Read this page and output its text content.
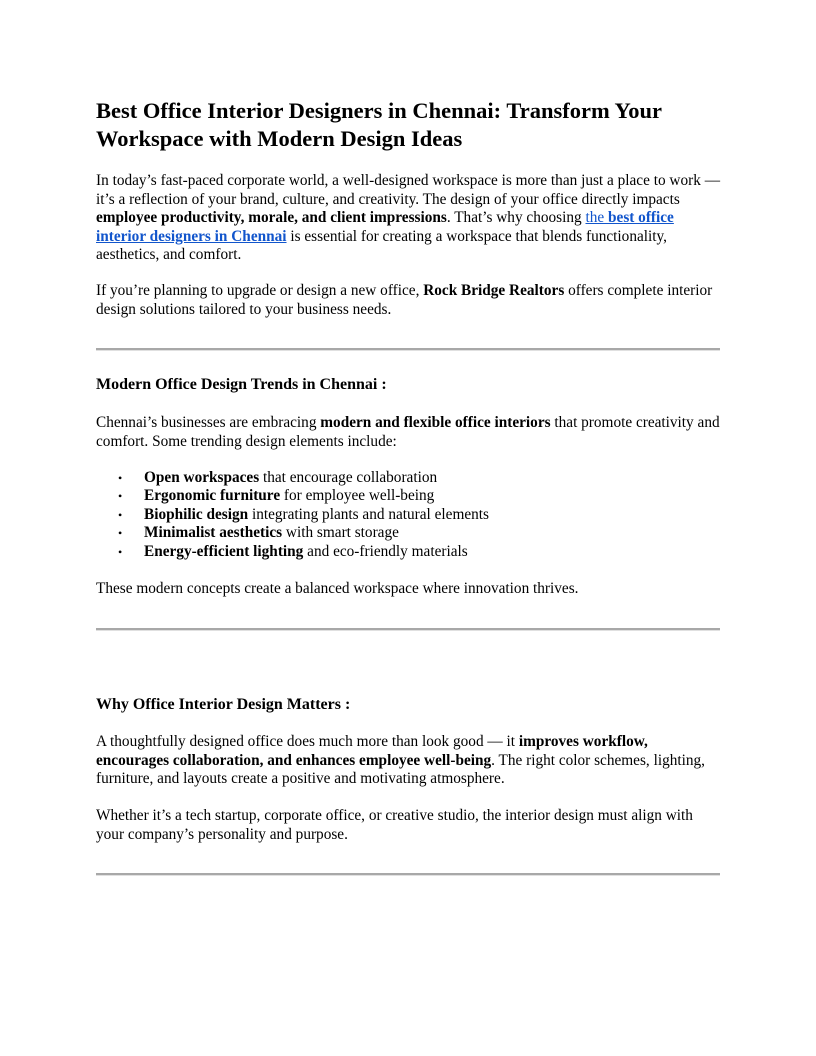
Best Office Interior Designers in Chennai: Transform Your Workspace with Modern Design Ideas

In today’s fast-paced corporate world, a well-designed workspace is more than just a place to work — it’s a reflection of your brand, culture, and creativity. The design of your office directly impacts employee productivity, morale, and client impressions. That’s why choosing the best office interior designers in Chennai is essential for creating a workspace that blends functionality, aesthetics, and comfort.

If you’re planning to upgrade or design a new office, Rock Bridge Realtors offers complete interior design solutions tailored to your business needs.

Modern Office Design Trends in Chennai :

Chennai’s businesses are embracing modern and flexible office interiors that promote creativity and comfort. Some trending design elements include:

• Open workspaces that encourage collaboration
• Ergonomic furniture for employee well-being
• Biophilic design integrating plants and natural elements
• Minimalist aesthetics with smart storage
• Energy-efficient lighting and eco-friendly materials

These modern concepts create a balanced workspace where innovation thrives.

Why Office Interior Design Matters :

A thoughtfully designed office does much more than look good — it improves workflow, encourages collaboration, and enhances employee well-being. The right color schemes, lighting, furniture, and layouts create a positive and motivating atmosphere.

Whether it’s a tech startup, corporate office, or creative studio, the interior design must align with your company’s personality and purpose.
